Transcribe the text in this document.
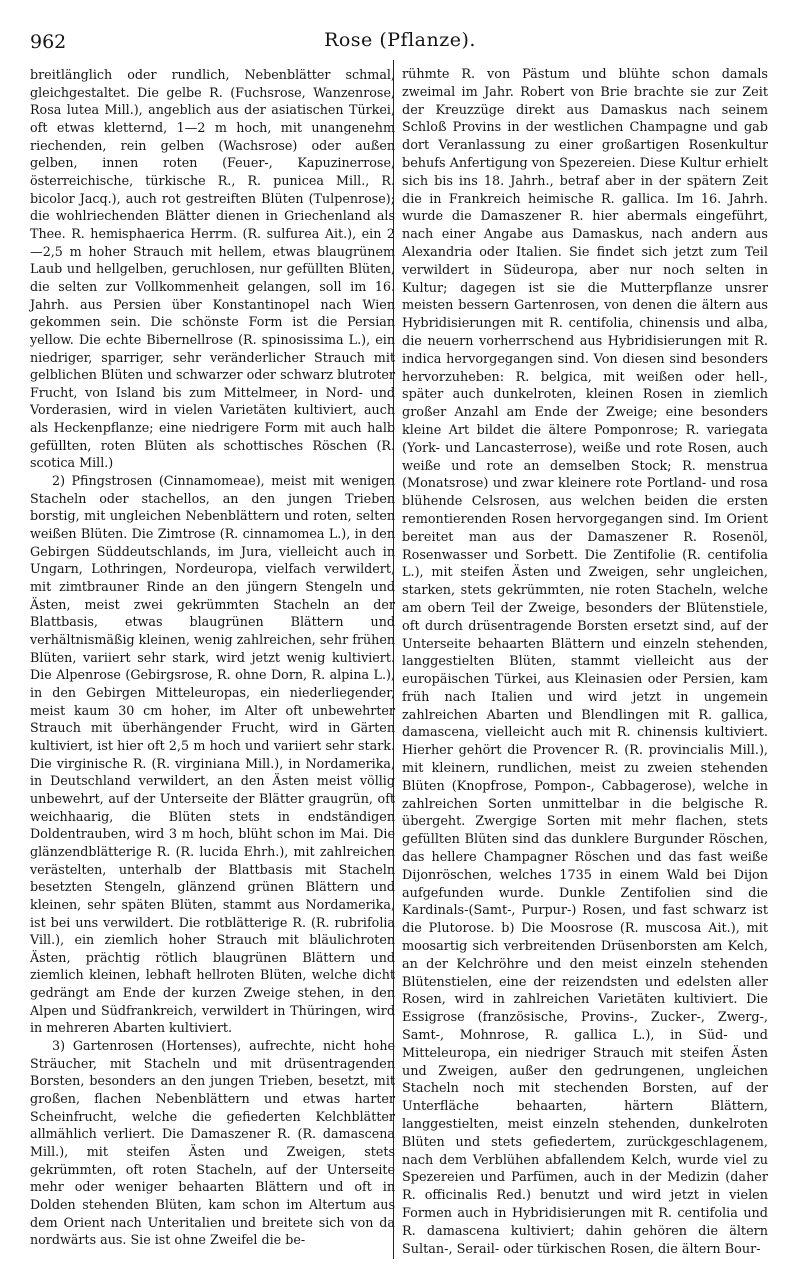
962	Rose (Pflanze).

breitlänglich oder rundlich, Nebenblätter schmal, gleichgestaltet. Die gelbe R. (Fuchsrose, Wanzenrose, Rosa lutea Mill.), angeblich aus der asiatischen Türkei, oft etwas kletternd, 1—2 m hoch, mit unangenehm riechenden, rein gelben (Wachsrose) oder außen gelben, innen roten (Feuer-, Kapuzinerrose, österreichische, türkische R., R. punicea Mill., R. bicolor Jacq.), auch rot gestreiften Blüten (Tulpenrose); die wohlriechenden Blätter dienen in Griechenland als Thee. R. hemisphaerica Herrm. (R. sulfurea Ait.), ein 2—2,5 m hoher Strauch mit hellem, etwas blaugrünem Laub und hellgelben, geruchlosen, nur gefüllten Blüten, die selten zur Vollkommenheit gelangen, soll im 16. Jahrh. aus Persien über Konstantinopel nach Wien gekommen sein. Die schönste Form ist die Persian yellow. Die echte Bibernellrose (R. spinosissima L.), ein niedriger, sparriger, sehr veränderlicher Strauch mit gelblichen Blüten und schwarzer oder schwarz blutroter Frucht, von Island bis zum Mittelmeer, in Nord- und Vorderasien, wird in vielen Varietäten kultiviert, auch als Heckenpflanze; eine niedrigere Form mit auch halb gefüllten, roten Blüten als schottisches Röschen (R. scotica Mill.)

2) Pfingstrosen (Cinnamomeae), meist mit wenigen Stacheln oder stachellos, an den jungen Trieben borstig, mit ungleichen Nebenblättern und roten, selten weißen Blüten. Die Zimtrose (R. cinnamomea L.), in den Gebirgen Süddeutschlands, im Jura, vielleicht auch in Ungarn, Lothringen, Nordeuropa, vielfach verwildert, mit zimtbrauner Rinde an den jüngern Stengeln und Ästen, meist zwei gekrümmten Stacheln an der Blattbasis, etwas blaugrünen Blättern und verhältnismäßig kleinen, wenig zahlreichen, sehr frühen Blüten, variiert sehr stark, wird jetzt wenig kultiviert. Die Alpenrose (Gebirgsrose, R. ohne Dorn, R. alpina L.), in den Gebirgen Mitteleuropas, ein niederliegender, meist kaum 30 cm hoher, im Alter oft unbewehrter Strauch mit überhängender Frucht, wird in Gärten kultiviert, ist hier oft 2,5 m hoch und variiert sehr stark. Die virginische R. (R. virginiana Mill.), in Nordamerika, in Deutschland verwildert, an den Ästen meist völlig unbewehrt, auf der Unterseite der Blätter graugrün, oft weichhaarig, die Blüten stets in endständigen Doldentrauben, wird 3 m hoch, blüht schon im Mai. Die glänzendblätterige R. (R. lucida Ehrh.), mit zahlreichen verästelten, unterhalb der Blattbasis mit Stacheln besetzten Stengeln, glänzend grünen Blättern und kleinen, sehr späten Blüten, stammt aus Nordamerika, ist bei uns verwildert. Die rotblätterige R. (R. rubrifolia Vill.), ein ziemlich hoher Strauch mit bläulichroten Ästen, prächtig rötlich blaugrünen Blättern und ziemlich kleinen, lebhaft hellroten Blüten, welche dicht gedrängt am Ende der kurzen Zweige stehen, in den Alpen und Südfrankreich, verwildert in Thüringen, wird in mehreren Abarten kultiviert.

3) Gartenrosen (Hortenses), aufrechte, nicht hohe Sträucher, mit Stacheln und mit drüsentragenden Borsten, besonders an den jungen Trieben, besetzt, mit großen, flachen Nebenblättern und etwas harter Scheinfrucht, welche die gefiederten Kelchblätter allmählich verliert. Die Damaszener R. (R. damascena Mill.), mit steifen Ästen und Zweigen, stets gekrümmten, oft roten Stacheln, auf der Unterseite mehr oder weniger behaarten Blättern und oft in Dolden stehenden Blüten, kam schon im Altertum aus dem Orient nach Unteritalien und breitete sich von da nordwärts aus. Sie ist ohne Zweifel die be-

rühmte R. von Pästum und blühte schon damals zweimal im Jahr. Robert von Brie brachte sie zur Zeit der Kreuzzüge direkt aus Damaskus nach seinem Schloß Provins in der westlichen Champagne und gab dort Veranlassung zu einer großartigen Rosenkultur behufs Anfertigung von Spezereien. Diese Kultur erhielt sich bis ins 18. Jahrh., betraf aber in der spätern Zeit die in Frankreich heimische R. gallica. Im 16. Jahrh. wurde die Damaszener R. hier abermals eingeführt, nach einer Angabe aus Damaskus, nach andern aus Alexandria oder Italien. Sie findet sich jetzt zum Teil verwildert in Südeuropa, aber nur noch selten in Kultur; dagegen ist sie die Mutterpflanze unsrer meisten bessern Gartenrosen, von denen die ältern aus Hybridisierungen mit R. centifolia, chinensis und alba, die neuern vorherrschend aus Hybridisierungen mit R. indica hervorgegangen sind. Von diesen sind besonders hervorzuheben: R. belgica, mit weißen oder hell-, später auch dunkelroten, kleinen Rosen in ziemlich großer Anzahl am Ende der Zweige; eine besonders kleine Art bildet die ältere Pomponrose; R. variegata (York- und Lancasterrose), weiße und rote Rosen, auch weiße und rote an demselben Stock; R. menstrua (Monatsrose) und zwar kleinere rote Portland- und rosa blühende Celsrosen, aus welchen beiden die ersten remontierenden Rosen hervorgegangen sind. Im Orient bereitet man aus der Damaszener R. Rosenöl, Rosenwasser und Sorbett. Die Zentifolie (R. centifolia L.), mit steifen Ästen und Zweigen, sehr ungleichen, starken, stets gekrümmten, nie roten Stacheln, welche am obern Teil der Zweige, besonders der Blütenstiele, oft durch drüsentragende Borsten ersetzt sind, auf der Unterseite behaarten Blättern und einzeln stehenden, langgestielten Blüten, stammt vielleicht aus der europäischen Türkei, aus Kleinasien oder Persien, kam früh nach Italien und wird jetzt in ungemein zahlreichen Abarten und Blendlingen mit R. gallica, damascena, vielleicht auch mit R. chinensis kultiviert. Hierher gehört die Provencer R. (R. provincialis Mill.), mit kleinern, rundlichen, meist zu zweien stehenden Blüten (Knopfrose, Pompon-, Cabbagerose), welche in zahlreichen Sorten unmittelbar in die belgische R. übergeht. Zwergige Sorten mit mehr flachen, stets gefüllten Blüten sind das dunklere Burgunder Röschen, das hellere Champagner Röschen und das fast weiße Dijonröschen, welches 1735 in einem Wald bei Dijon aufgefunden wurde. Dunkle Zentifolien sind die Kardinals-(Samt-, Purpur-) Rosen, und fast schwarz ist die Plutorose. b) Die Moosrose (R. muscosa Ait.), mit moosartig sich verbreitenden Drüsenborsten am Kelch, an der Kelchröhre und den meist einzeln stehenden Blütenstielen, eine der reizendsten und edelsten aller Rosen, wird in zahlreichen Varietäten kultiviert. Die Essigrose (französische, Provins-, Zucker-, Zwerg-, Samt-, Mohnrose, R. gallica L.), in Süd- und Mitteleuropa, ein niedriger Strauch mit steifen Ästen und Zweigen, außer den gedrungenen, ungleichen Stacheln noch mit stechenden Borsten, auf der Unterfläche behaarten, härtern Blättern, langgestielten, meist einzeln stehenden, dunkelroten Blüten und stets gefiedertem, zurückgeschlagenem, nach dem Verblühen abfallendem Kelch, wurde viel zu Spezereien und Parfümen, auch in der Medizin (daher R. officinalis Red.) benutzt und wird jetzt in vielen Formen auch in Hybridisierungen mit R. centifolia und R. damascena kultiviert; dahin gehören die ältern Sultan-, Serail- oder türkischen Rosen, die ältern Bour-
